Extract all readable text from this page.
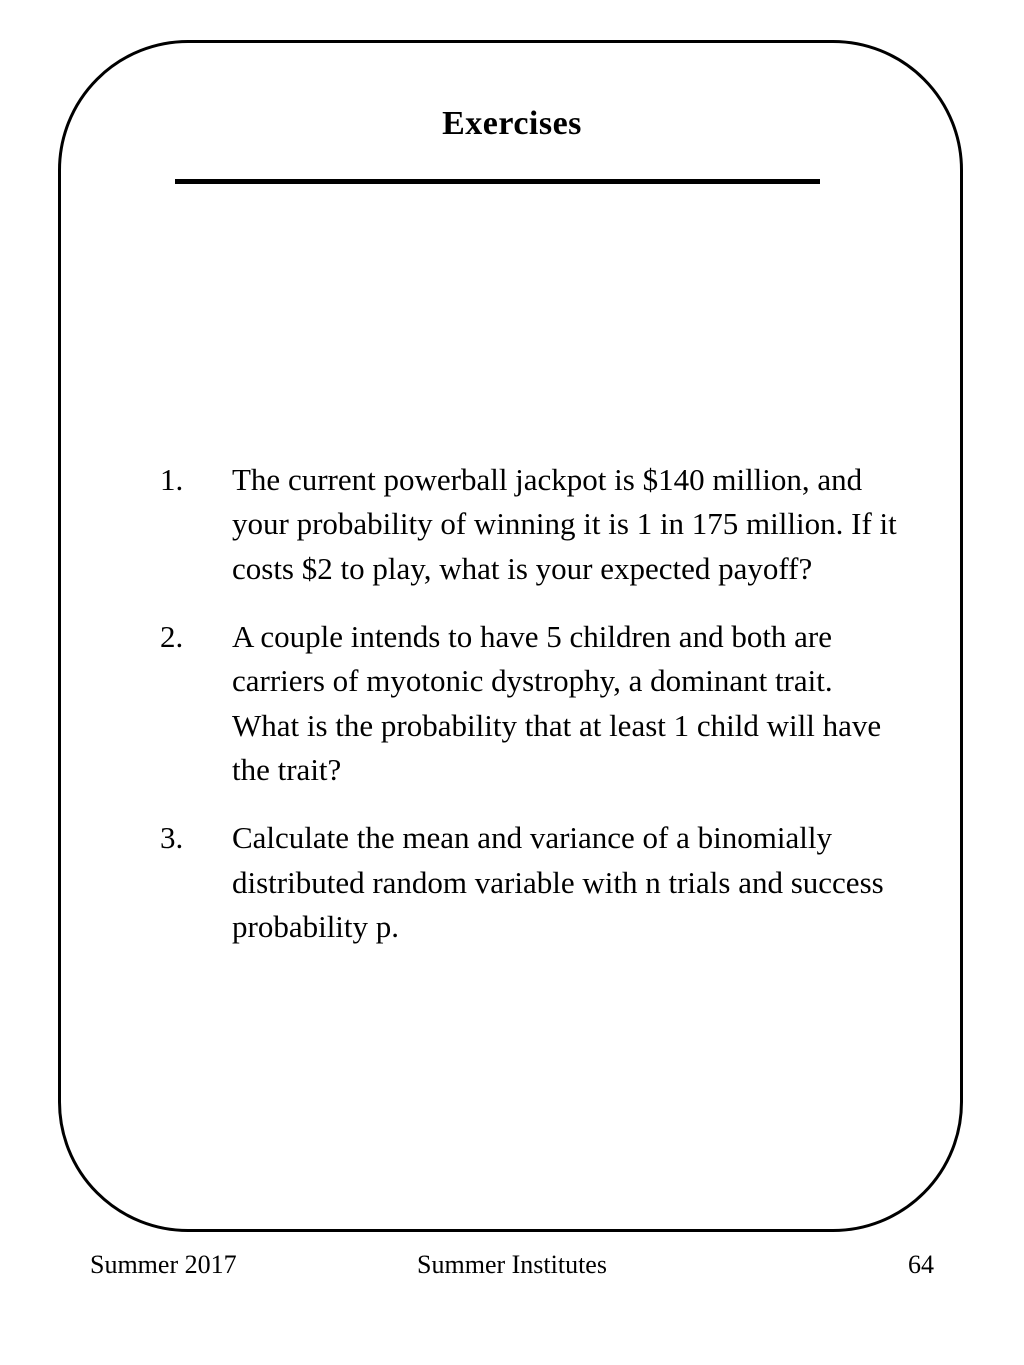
Exercises
1.	The current powerball jackpot is $140 million, and your probability of winning it is 1 in 175 million. If it costs $2 to play, what is your expected payoff?
2.	A couple intends to have 5 children and both are carriers of myotonic dystrophy, a dominant trait. What is the probability that at least 1 child will have the trait?
3.	Calculate the mean and variance of a binomially distributed random variable with n trials and success probability p.
Summer 2017	Summer Institutes	64
